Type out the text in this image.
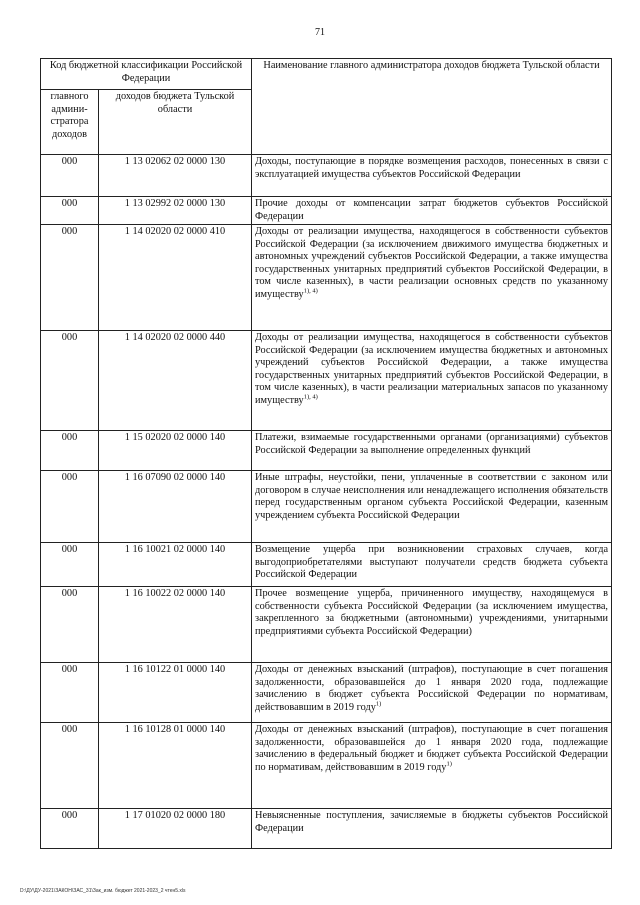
71
Код бюджетной классификации Российской Федерации		Наименование главного администратора доходов бюджета Тульской области
главного админи-стратора доходов	доходов бюджета Тульской области	
000	1 13 02062 02 0000 130	Доходы, поступающие в порядке возмещения расходов, понесенных в связи с эксплуатацией имущества субъектов Российской Федерации
000	1 13 02992 02 0000 130	Прочие доходы от компенсации затрат бюджетов субъектов Российской Федерации
000	1 14 02020 02 0000 410	Доходы от реализации имущества, находящегося в собственности субъектов Российской Федерации (за исключением движимого имущества бюджетных и автономных учреждений субъектов Российской Федерации, а также имущества государственных унитарных предприятий субъектов Российской Федерации, в том числе казенных), в части реализации основных средств по указанному имуществу$^{1), 4)}$
000	1 14 02020 02 0000 440	Доходы от реализации имущества, находящегося в собственности субъектов Российской Федерации (за исключением имущества бюджетных и автономных учреждений субъектов Российской Федерации, а также имущества государственных унитарных предприятий субъектов Российской Федерации, в том числе казенных), в части реализации материальных запасов по указанному имуществу$^{1), 4)}$
000	1 15 02020 02 0000 140	Платежи, взимаемые государственными органами (организациями) субъектов Российской Федерации за выполнение определенных функций
000	1 16 07090 02 0000 140	Иные штрафы, неустойки, пени, уплаченные в соответствии с законом или договором в случае неисполнения или ненадлежащего исполнения обязательств перед государственным органом субъекта Российской Федерации, казенным учреждением субъекта Российской Федерации
000	1 16 10021 02 0000 140	Возмещение ущерба при возникновении страховых случаев, когда выгодоприобретателями выступают получатели средств бюджета субъекта Российской Федерации
000	1 16 10022 02 0000 140	Прочее возмещение ущерба, причиненного имуществу, находящемуся в собственности субъекта Российской Федерации (за исключением имущества, закрепленного за бюджетными (автономными) учреждениями, унитарными предприятиями субъекта Российской Федерации)
000	1 16 10122 01 0000 140	Доходы от денежных взысканий (штрафов), поступающие в счет погашения задолженности, образовавшейся до 1 января 2020 года, подлежащие зачислению в бюджет субъекта Российской Федерации по нормативам, действовавшим в 2019 году$^{1)}$
000	1 16 10128 01 0000 140	Доходы от денежных взысканий (штрафов), поступающие в счет погашения задолженности, образовавшейся до 1 января 2020 года, подлежащие зачислению в федеральный бюджет и бюджет субъекта Российской Федерации по нормативам, действовавшим в 2019 году$^{1)}$
000	1 17 01020 02 0000 180	Невыясненные поступления, зачисляемые в бюджеты субъектов Российской Федерации
D:\ДУ\ДУ-2021\ЗАКОН\ЗАС_31\Зак_изм. бюджет 2021-2023_2 чтен5.xls
